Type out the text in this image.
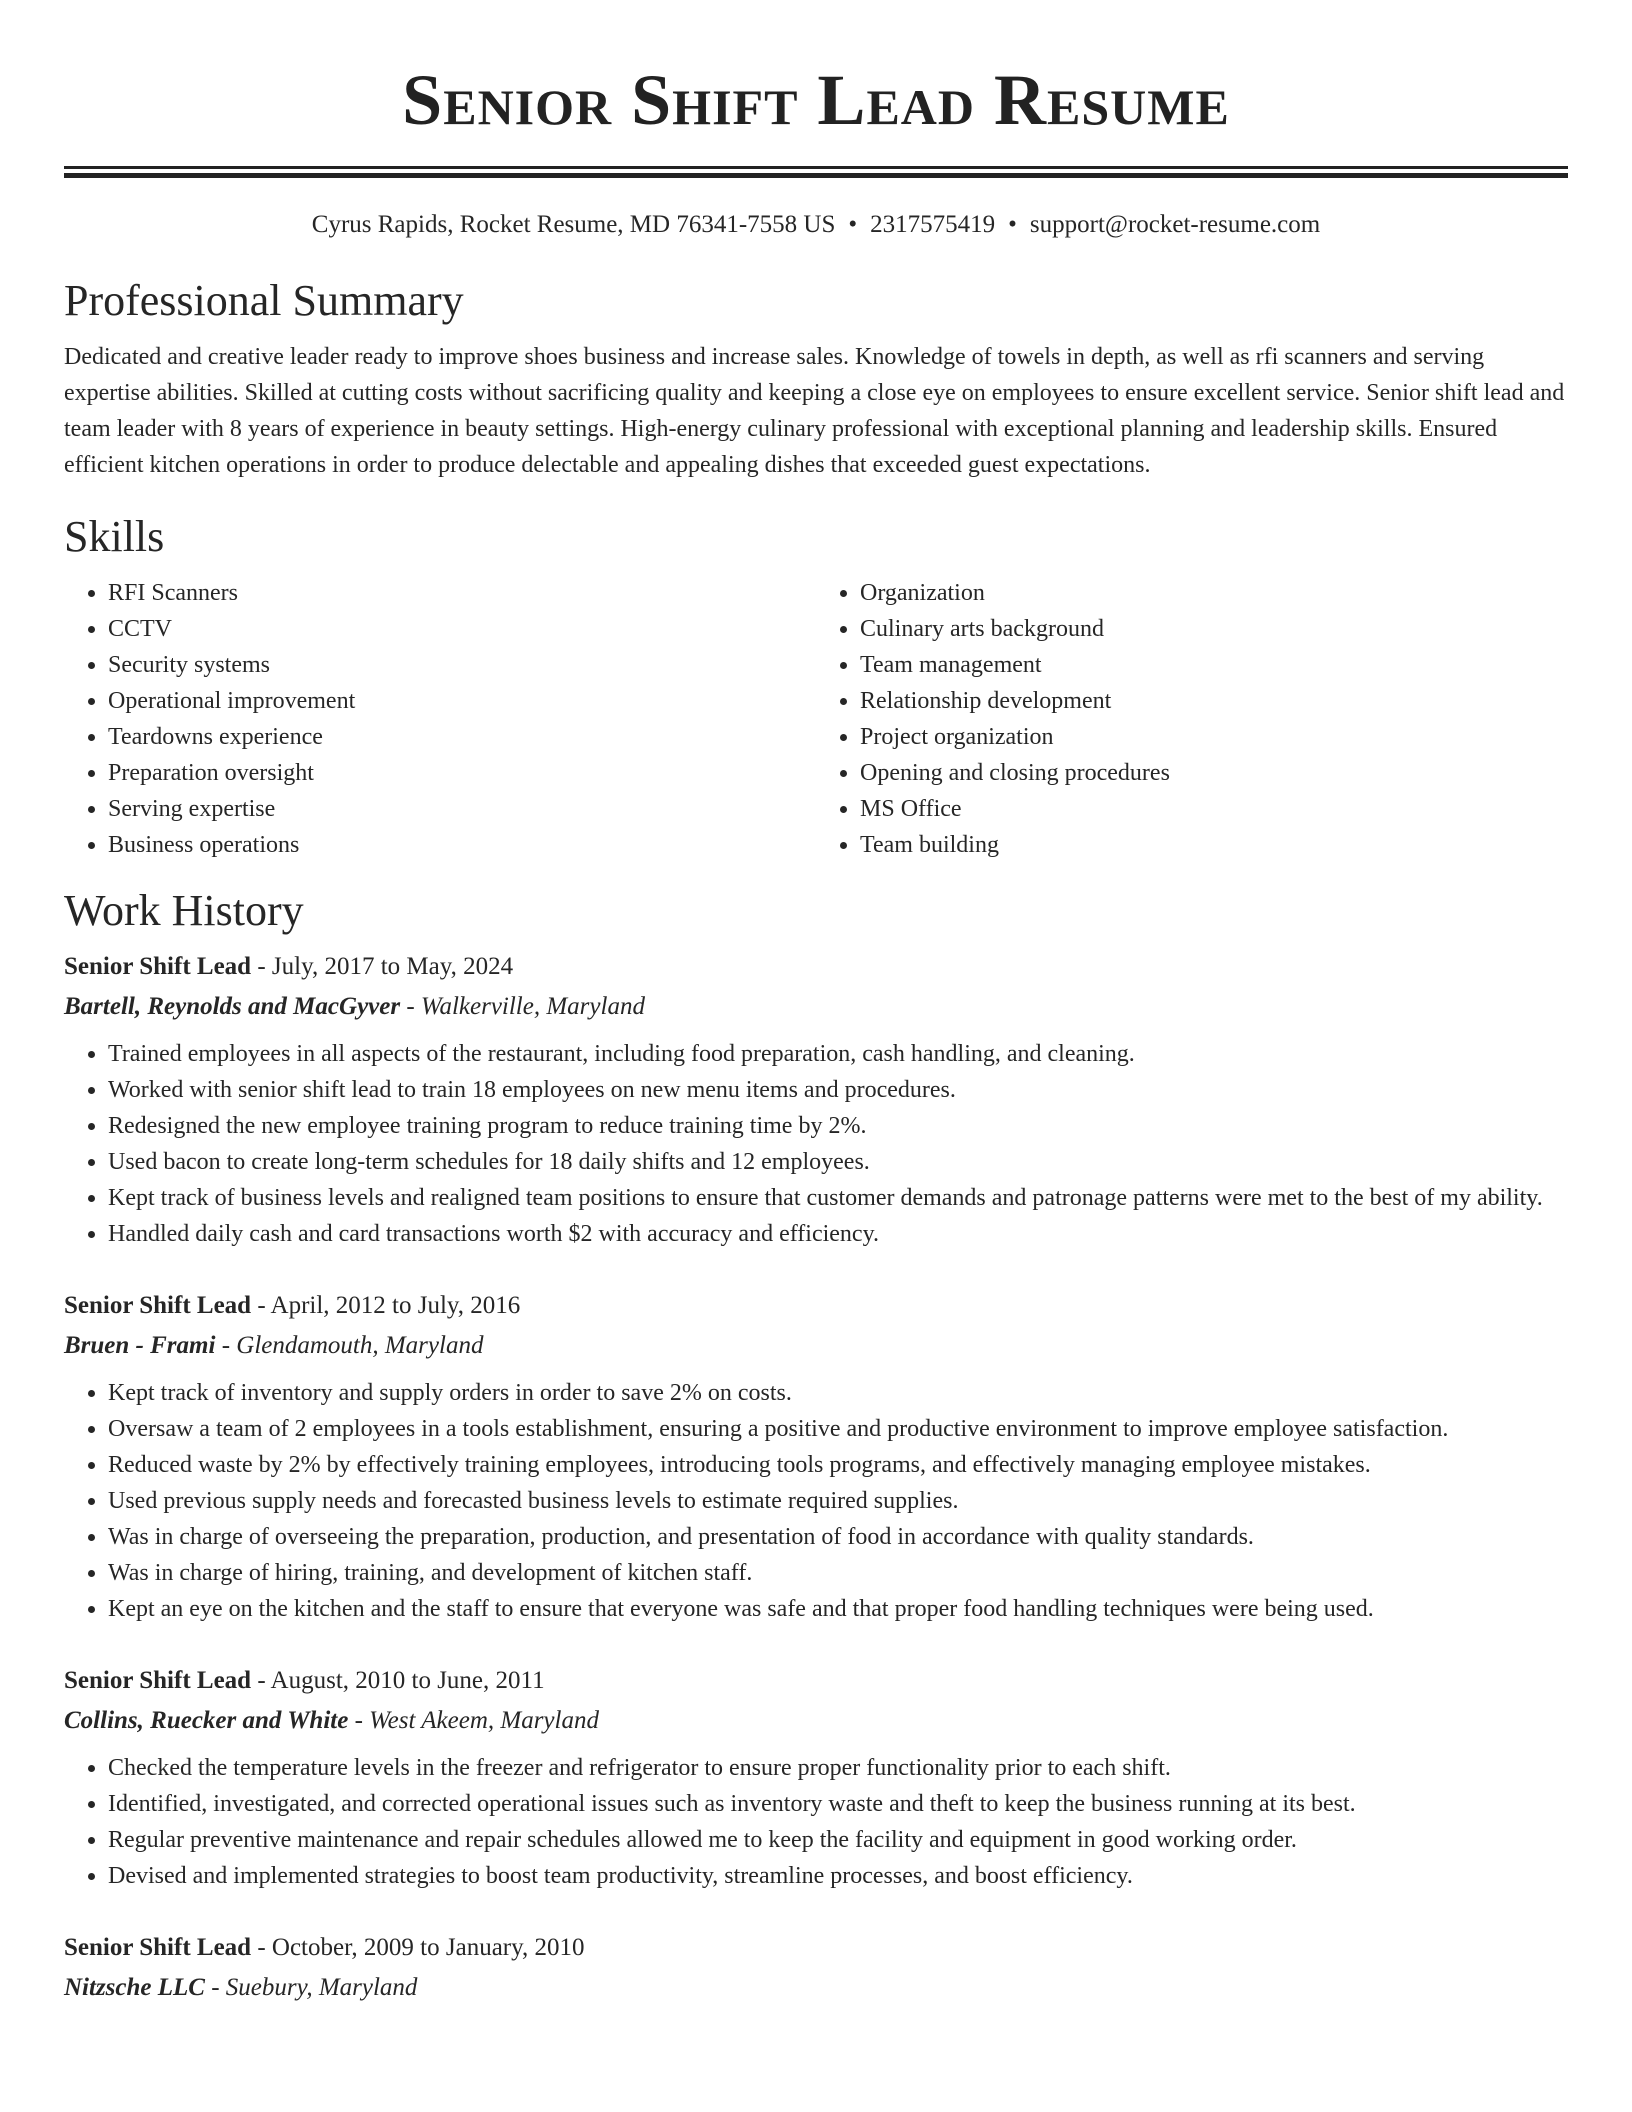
Senior Shift Lead Resume
Cyrus Rapids, Rocket Resume, MD 76341-7558 US • 2317575419 • support@rocket-resume.com
Professional Summary

Dedicated and creative leader ready to improve shoes business and increase sales. Knowledge of towels in depth, as well as rfi scanners and serving expertise abilities. Skilled at cutting costs without sacrificing quality and keeping a close eye on employees to ensure excellent service. Senior shift lead and team leader with 8 years of experience in beauty settings. High-energy culinary professional with exceptional planning and leadership skills. Ensured efficient kitchen operations in order to produce delectable and appealing dishes that exceeded guest expectations.

Skills
• RFI Scanners
• CCTV
• Security systems
• Operational improvement
• Teardowns experience
• Preparation oversight
• Serving expertise
• Business operations
• Organization
• Culinary arts background
• Team management
• Relationship development
• Project organization
• Opening and closing procedures
• MS Office
• Team building
Work History
Senior Shift Lead - July, 2017 to May, 2024
Bartell, Reynolds and MacGyver - Walkerville, Maryland
• Trained employees in all aspects of the restaurant, including food preparation, cash handling, and cleaning.
• Worked with senior shift lead to train 18 employees on new menu items and procedures.
• Redesigned the new employee training program to reduce training time by 2%.
• Used bacon to create long-term schedules for 18 daily shifts and 12 employees.
• Kept track of business levels and realigned team positions to ensure that customer demands and patronage patterns were met to the best of my ability.
• Handled daily cash and card transactions worth $2 with accuracy and efficiency.
Senior Shift Lead - April, 2012 to July, 2016
Bruen - Frami - Glendamouth, Maryland
• Kept track of inventory and supply orders in order to save 2% on costs.
• Oversaw a team of 2 employees in a tools establishment, ensuring a positive and productive environment to improve employee satisfaction.
• Reduced waste by 2% by effectively training employees, introducing tools programs, and effectively managing employee mistakes.
• Used previous supply needs and forecasted business levels to estimate required supplies.
• Was in charge of overseeing the preparation, production, and presentation of food in accordance with quality standards.
• Was in charge of hiring, training, and development of kitchen staff.
• Kept an eye on the kitchen and the staff to ensure that everyone was safe and that proper food handling techniques were being used.
Senior Shift Lead - August, 2010 to June, 2011
Collins, Ruecker and White - West Akeem, Maryland
• Checked the temperature levels in the freezer and refrigerator to ensure proper functionality prior to each shift.
• Identified, investigated, and corrected operational issues such as inventory waste and theft to keep the business running at its best.
• Regular preventive maintenance and repair schedules allowed me to keep the facility and equipment in good working order.
• Devised and implemented strategies to boost team productivity, streamline processes, and boost efficiency.
Senior Shift Lead - October, 2009 to January, 2010
Nitzsche LLC - Suebury, Maryland
